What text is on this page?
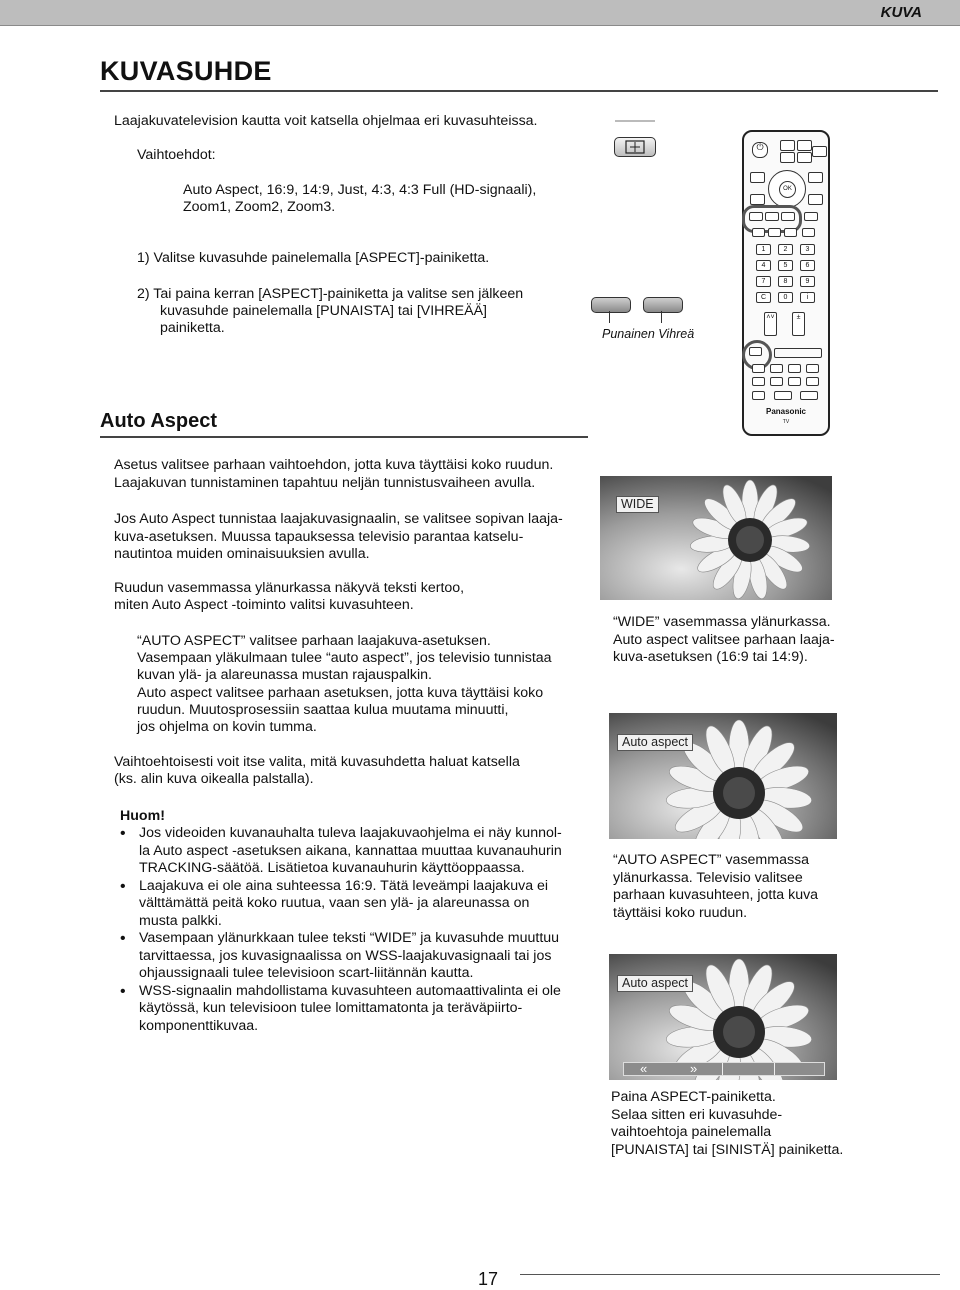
KUVA
KUVASUHDE
Laajakuvatelevision kautta voit katsella ohjelmaa eri kuvasuhteissa.
Vaihtoehdot:
Auto Aspect, 16:9, 14:9, Just, 4:3, 4:3 Full (HD-signaali),
Zoom1, Zoom2, Zoom3.
1) Valitse kuvasuhde painelemalla [ASPECT]-painiketta.
2) Tai paina kerran [ASPECT]-painiketta ja valitse sen jälkeen
kuvasuhde painelemalla [PUNAISTA] tai [VIHREÄÄ]
painiketta.	Punainen Vihreä
⏻
OK
1	2	3
4	5	6
7	8	9
C	0	i
˄˅	±
Panasonic
TV
Auto Aspect
Asetus valitsee parhaan vaihtoehdon, jotta kuva täyttäisi koko ruudun.
Laajakuvan tunnistaminen tapahtuu neljän tunnistusvaiheen avulla.
Jos Auto Aspect tunnistaa laajakuvasignaalin, se valitsee sopivan laaja-
kuva-asetuksen. Muussa tapauksessa televisio parantaa katselu-
nautintoa muiden ominaisuuksien avulla.
Ruudun vasemmassa ylänurkassa näkyvä teksti kertoo,
miten Auto Aspect -toiminto valitsi kuvasuhteen.
“AUTO ASPECT” valitsee parhaan laajakuva-asetuksen.
Vasempaan yläkulmaan tulee “auto aspect”, jos televisio tunnistaa
kuvan ylä- ja alareunassa mustan rajauspalkin.
Auto aspect valitsee parhaan asetuksen, jotta kuva täyttäisi koko
ruudun. Muutosprosessiin saattaa kulua muutama minuutti,
jos ohjelma on kovin tumma.
Vaihtoehtoisesti voit itse valita, mitä kuvasuhdetta haluat katsella
(ks. alin kuva oikealla palstalla).
Huom!
• Jos videoiden kuvanauhalta tuleva laajakuvaohjelma ei näy kunnol-
la Auto aspect -asetuksen aikana, kannattaa muuttaa kuvanauhurin
TRACKING-säätöä. Lisätietoa kuvanauhurin käyttöoppaassa.
• Laajakuva ei ole aina suhteessa 16:9. Tätä leveämpi laajakuva ei
välttämättä peitä koko ruutua, vaan sen ylä- ja alareunassa on
musta palkki.
• Vasempaan ylänurkkaan tulee teksti “WIDE” ja kuvasuhde muuttuu
tarvittaessa, jos kuvasignaalissa on WSS-laajakuvasignaali tai jos
ohjaussignaali tulee televisioon scart-liitännän kautta.
• WSS-signaalin mahdollistama kuvasuhteen automaattivalinta ei ole
käytössä, kun televisioon tulee lomittamatonta ja teräväpiirto-
komponenttikuvaa.
WIDE
“WIDE” vasemmassa ylänurkassa.
Auto aspect valitsee parhaan laaja-
kuva-asetuksen (16:9 tai 14:9).
Auto aspect
“AUTO ASPECT” vasemmassa
ylänurkassa. Televisio valitsee
parhaan kuvasuhteen, jotta kuva
täyttäisi koko ruudun.
Auto aspect
«	»
Paina ASPECT-painiketta.
Selaa sitten eri kuvasuhde-
vaihtoehtoja painelemalla
[PUNAISTA] tai [SINISTÄ] painiketta.
17
